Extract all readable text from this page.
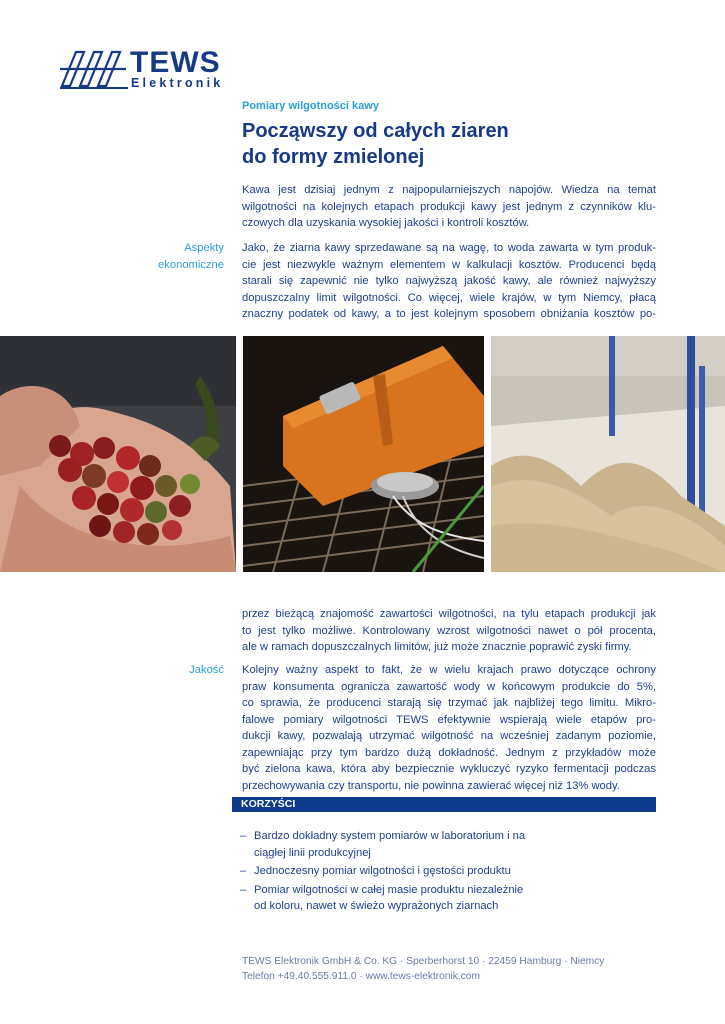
TEWS
Elektronik
Pomiary wilgotności kawy
Począwszy od całych ziaren
do formy zmielonej
Kawa jest dzisiaj jednym z najpopularniejszych napojów. Wiedza na temat
wilgotności na kolejnych etapach produkcji kawy jest jednym z czynników klu-
czowych dla uzyskania wysokiej jakości i kontroli kosztów.
Aspekty
ekonomiczne
Jako, że ziarna kawy sprzedawane są na wagę, to woda zawarta w tym produk-
cie jest niezwykle ważnym elementem w kalkulacji kosztów. Producenci będą
starali się zapewnić nie tylko najwyższą jakość kawy, ale również najwyższy
dopuszczalny limit wilgotności. Co więcej, wiele krajów, w tym Niemcy, płacą
znaczny podatek od kawy, a to jest kolejnym sposobem obniżania kosztów po-
przez bieżącą znajomość zawartości wilgotności, na tylu etapach produkcji jak
to jest tylko możliwe. Kontrolowany wzrost wilgotności nawet o pół procenta,
ale w ramach dopuszczalnych limitów, już może znacznie poprawić zyski firmy.
Jakość Kolejny ważny aspekt to fakt, że w wielu krajach prawo dotyczące ochrony
praw konsumenta ogranicza zawartość wody w końcowym produkcie do 5%,
co sprawia, że producenci starają się trzymać jak najbliżej tego limitu. Mikro-
falowe pomiary wilgotności TEWS efektywnie wspierają wiele etapów pro-
dukcji kawy, pozwalają utrzymać wilgotność na wcześniej zadanym poziomie,
zapewniając przy tym bardzo dużą dokładność. Jednym z przykładów może
być zielona kawa, która aby bezpiecznie wykluczyć ryzyko fermentacji podczas
przechowywania czy transportu, nie powinna zawierać więcej niż 13% wody.
KORZYŚCI
– Bardzo dokładny system pomiarów w laboratorium i na
ciągłej linii produkcyjnej
– Jednoczesny pomiar wilgotności i gęstości produktu
– Pomiar wilgotności w całej masie produktu niezależnie
od koloru, nawet w świeżo wyprażonych ziarnach
TEWS Elektronik GmbH & Co. KG · Sperberhorst 10 · 22459 Hamburg · Niemcy
Telefon +49.40.555.911.0 · www.tews-elektronik.com
